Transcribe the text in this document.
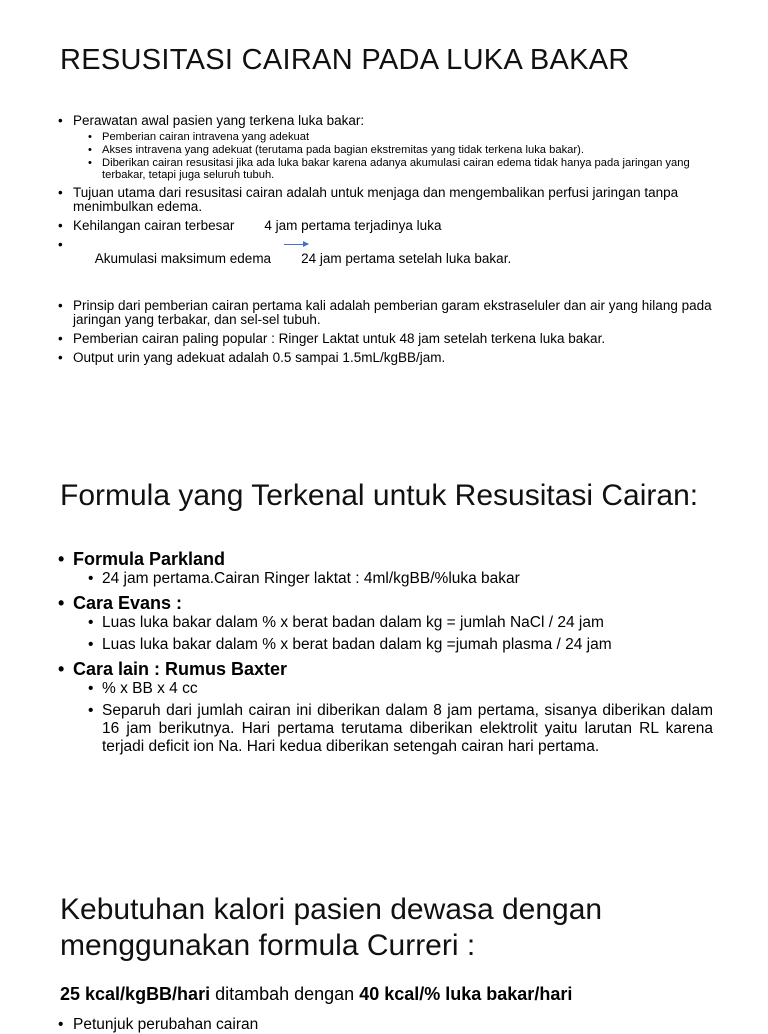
RESUSITASI CAIRAN PADA LUKA BAKAR
• Perawatan awal pasien yang terkena luka bakar:
• Pemberian cairan intravena yang adekuat
• Akses intravena yang adekuat (terutama pada bagian ekstremitas yang tidak terkena luka bakar).
• Diberikan cairan resusitasi jika ada luka bakar karena adanya akumulasi cairan edema tidak hanya pada jaringan yang terbakar, tetapi juga seluruh tubuh.
• Tujuan utama dari resusitasi cairan adalah untuk menjaga dan mengembalikan perfusi jaringan tanpa menimbulkan edema.
• Kehilangan cairan terbesar        4 jam pertama terjadinya luka

• Akumulasi maksimum edema        24 jam pertama setelah luka bakar.

• Prinsip dari pemberian cairan pertama kali adalah pemberian garam ekstraseluler dan air yang hilang pada jaringan yang terbakar, dan sel-sel tubuh.
• Pemberian cairan paling popular : Ringer Laktat untuk 48 jam setelah terkena luka bakar.
• Output urin yang adekuat adalah 0.5 sampai 1.5mL/kgBB/jam.
Formula yang Terkenal untuk Resusitasi Cairan:
• Formula Parkland
• 24 jam pertama.Cairan Ringer laktat : 4ml/kgBB/%luka bakar
• Cara Evans :
• Luas luka bakar dalam % x berat badan dalam kg = jumlah NaCl / 24 jam
• Luas luka bakar dalam % x berat badan dalam kg =jumah plasma / 24 jam
• Cara lain : Rumus Baxter
• % x BB x 4 cc
• Separuh dari jumlah cairan ini diberikan dalam 8 jam pertama, sisanya diberikan dalam 16 jam berikutnya. Hari pertama terutama diberikan elektrolit yaitu larutan RL karena terjadi deficit ion Na. Hari kedua diberikan setengah cairan hari pertama.
Kebutuhan kalori pasien dewasa dengan
menggunakan formula Curreri :

25 kcal/kgBB/hari ditambah dengan 40 kcal/% luka bakar/hari

• Petunjuk perubahan cairan
